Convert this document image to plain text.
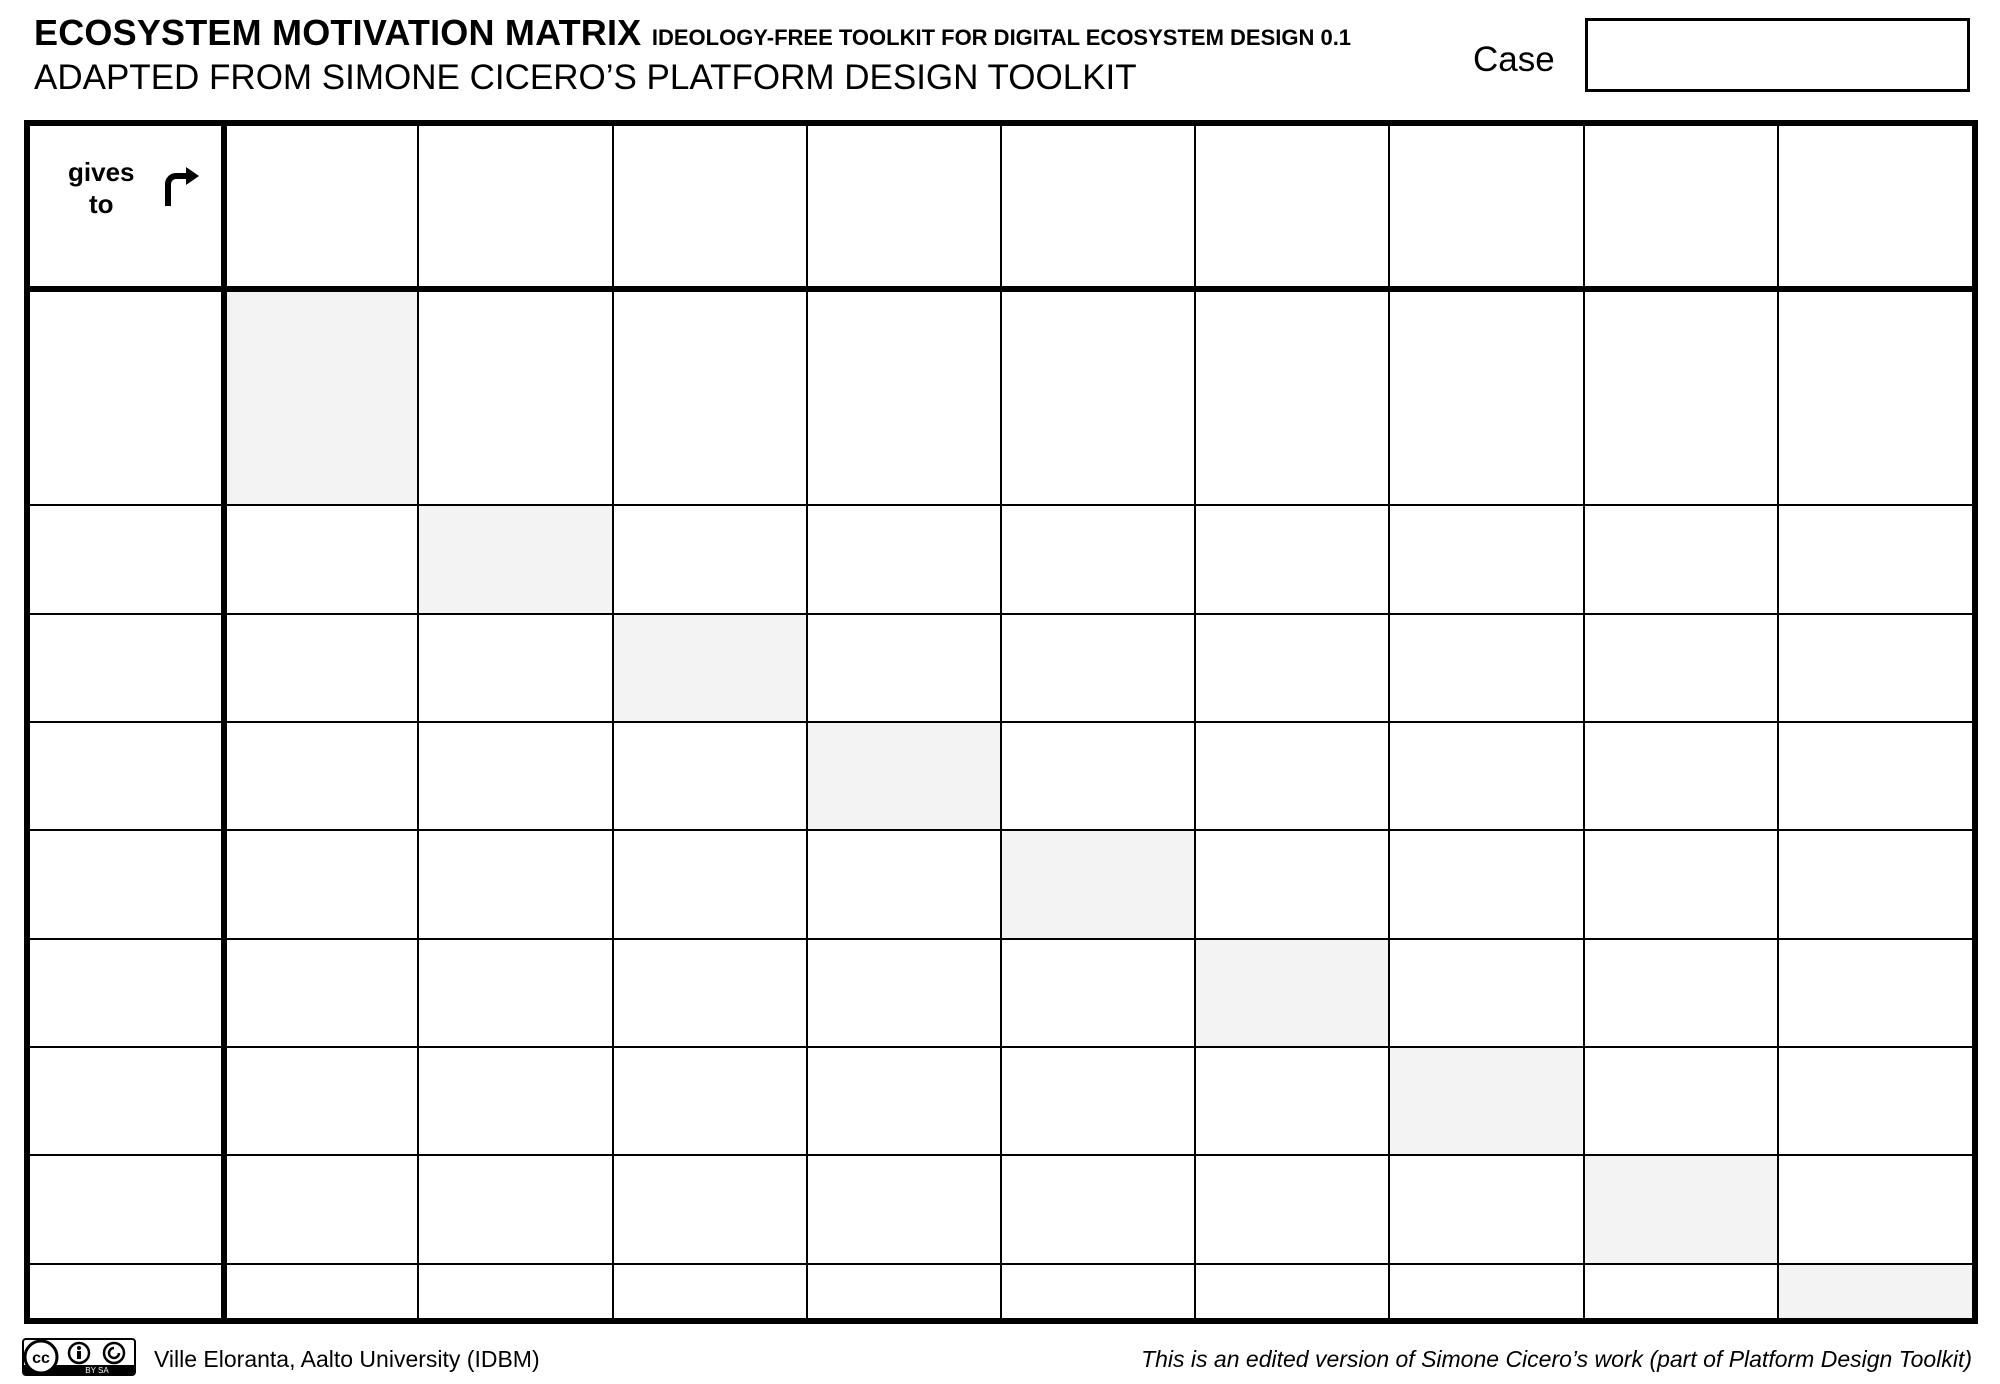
ECOSYSTEM MOTIVATION MATRIX IDEOLOGY-FREE TOOLKIT FOR DIGITAL ECOSYSTEM DESIGN 0.1
ADAPTED FROM SIMONE CICERO’S PLATFORM DESIGN TOOLKIT	Case
gives
to									

cc
BY SA Ville Eloranta, Aalto University (IDBM)	This is an edited version of Simone Cicero’s work (part of Platform Design Toolkit)
